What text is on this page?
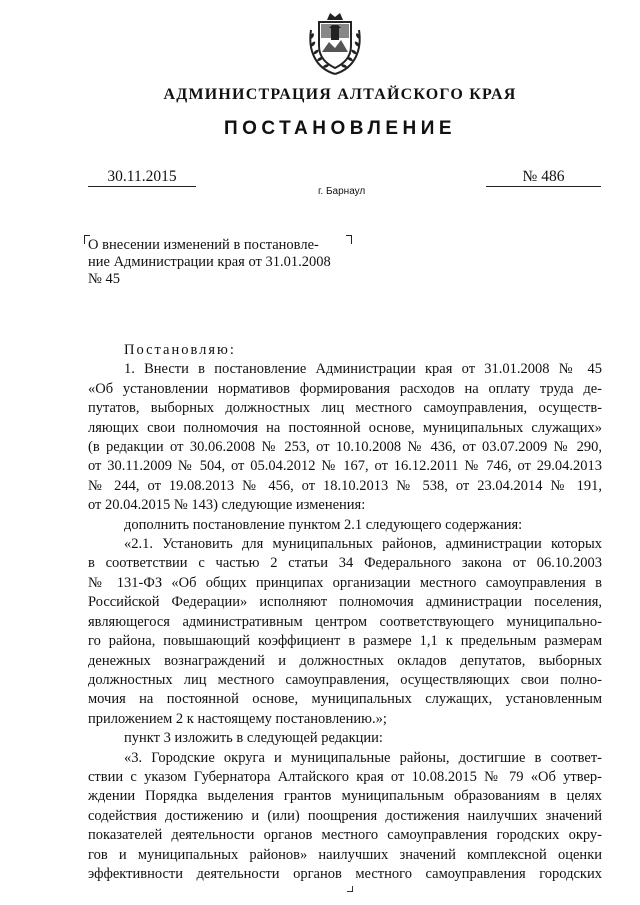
АДМИНИСТРАЦИЯ АЛТАЙСКОГО КРАЯ
ПОСТАНОВЛЕНИЕ
30.11.2015	№ 486
г. Барнаул
О внесении изменений в постановле-
ние Администрации края от 31.01.2008
№ 45
Постановляю:
1. Внести в постановление Администрации края от 31.01.2008 № 45
«Об установлении нормативов формирования расходов на оплату труда де-
путатов, выборных должностных лиц местного самоуправления, осуществ-
ляющих свои полномочия на постоянной основе, муниципальных служащих»
(в редакции от 30.06.2008 № 253, от 10.10.2008 № 436, от 03.07.2009 № 290,
от 30.11.2009 № 504, от 05.04.2012 № 167, от 16.12.2011 № 746, от 29.04.2013
№ 244, от 19.08.2013 № 456, от 18.10.2013 № 538, от 23.04.2014 № 191,
от 20.04.2015 № 143) следующие изменения:
дополнить постановление пунктом 2.1 следующего содержания:
«2.1. Установить для муниципальных районов, администрации которых
в соответствии с частью 2 статьи 34 Федерального закона от 06.10.2003
№ 131-ФЗ «Об общих принципах организации местного самоуправления в
Российской Федерации» исполняют полномочия администрации поселения,
являющегося административным центром соответствующего муниципально-
го района, повышающий коэффициент в размере 1,1 к предельным размерам
денежных вознаграждений и должностных окладов депутатов, выборных
должностных лиц местного самоуправления, осуществляющих свои полно-
мочия на постоянной основе, муниципальных служащих, установленным
приложением 2 к настоящему постановлению.»;
пункт 3 изложить в следующей редакции:
«3. Городские округа и муниципальные районы, достигшие в соответ-
ствии с указом Губернатора Алтайского края от 10.08.2015 № 79 «Об утвер-
ждении Порядка выделения грантов муниципальным образованиям в целях
содействия достижению и (или) поощрения достижения наилучших значений
показателей деятельности органов местного самоуправления городских окру-
гов и муниципальных районов» наилучших значений комплексной оценки
эффективности деятельности органов местного самоуправления городских
